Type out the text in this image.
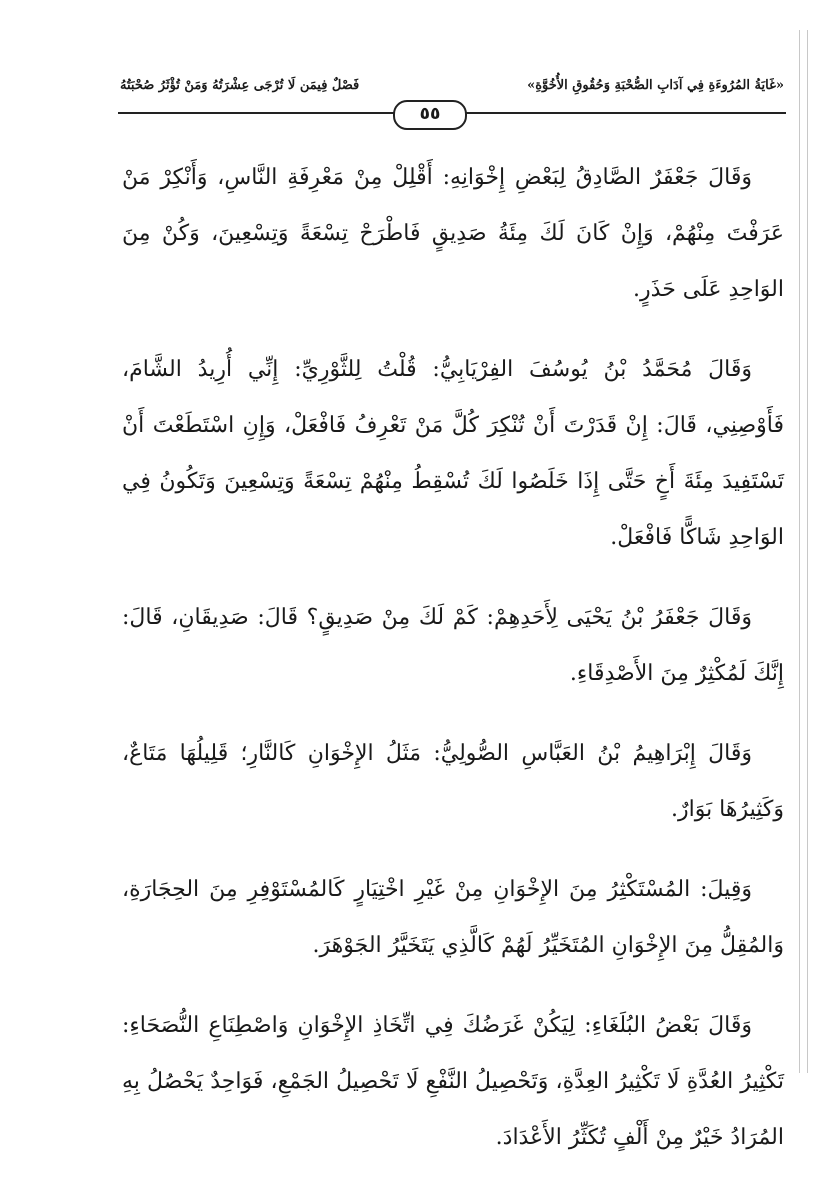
«غَايَةُ المُرُوءَةِ فِي آدَابِ الصُّحْبَةِ وَحُقُوقِ الأُخُوَّةِ»
فَصْلٌ فِيمَن لَا تُرْجَى عِشْرَتُهُ وَمَنْ تُؤْثَرُ صُحْبَتُهُ
٥٥

وَقَالَ جَعْفَرٌ الصَّادِقُ لِبَعْضِ إِخْوَانِهِ: أَقْلِلْ مِنْ مَعْرِفَةِ النَّاسِ، وَأَنْكِرْ مَنْ عَرَفْتَ مِنْهُمْ، وَإِنْ كَانَ لَكَ مِئَةُ صَدِيقٍ فَاطْرَحْ تِسْعَةً وَتِسْعِينَ، وَكُنْ مِنَ الوَاحِدِ عَلَى حَذَرٍ.

وَقَالَ مُحَمَّدُ بْنُ يُوسُفَ الفِرْيَابِيُّ: قُلْتُ لِلثَّوْرِيِّ: إِنِّي أُرِيدُ الشَّامَ، فَأَوْصِنِي، قَالَ: إِنْ قَدَرْتَ أَنْ تُنْكِرَ كُلَّ مَنْ تَعْرِفُ فَافْعَلْ، وَإِنِ اسْتَطَعْتَ أَنْ تَسْتَفِيدَ مِئَةَ أَخٍ حَتَّى إِذَا خَلَصُوا لَكَ تُسْقِطُ مِنْهُمْ تِسْعَةً وَتِسْعِينَ وَتَكُونُ فِي الوَاحِدِ شَاكًّا فَافْعَلْ.

وَقَالَ جَعْفَرُ بْنُ يَحْيَى لِأَحَدِهِمْ: كَمْ لَكَ مِنْ صَدِيقٍ؟ قَالَ: صَدِيقَانِ، قَالَ: إِنَّكَ لَمُكْثِرٌ مِنَ الأَصْدِقَاءِ.

وَقَالَ إِبْرَاهِيمُ بْنُ العَبَّاسِ الصُّولِيُّ: مَثَلُ الإِخْوَانِ كَالنَّارِ؛ قَلِيلُهَا مَتَاعٌ، وَكَثِيرُهَا بَوَارٌ.

وَقِيلَ: المُسْتَكْثِرُ مِنَ الإِخْوَانِ مِنْ غَيْرِ اخْتِيَارٍ كَالمُسْتَوْفِرِ مِنَ الحِجَارَةِ، وَالمُقِلُّ مِنَ الإِخْوَانِ المُتَخَيِّرُ لَهُمْ كَالَّذِي يَتَخَيَّرُ الجَوْهَرَ.

وَقَالَ بَعْضُ البُلَغَاءِ: لِيَكُنْ غَرَضُكَ فِي اتِّخَاذِ الإِخْوَانِ وَاصْطِنَاعِ النُّصَحَاءِ: تَكْثِيرُ العُدَّةِ لَا تَكْثِيرُ العِدَّةِ، وَتَحْصِيلُ النَّفْعِ لَا تَحْصِيلُ الجَمْعِ، فَوَاحِدٌ يَحْصُلُ بِهِ المُرَادُ خَيْرٌ مِنْ أَلْفٍ تُكَثِّرُ الأَعْدَادَ.
